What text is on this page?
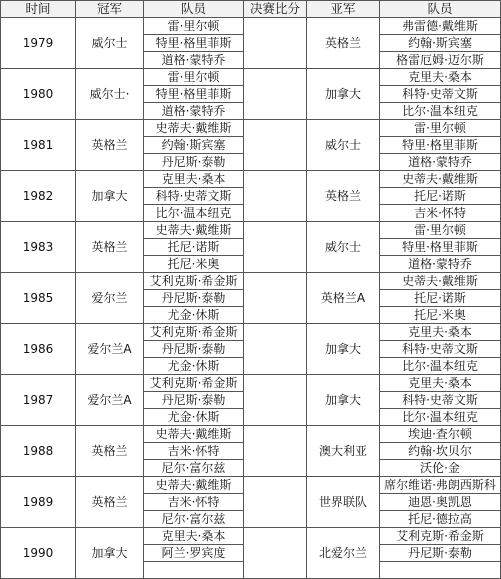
时间	冠军	队员	决赛比分	亚军	队员
1979	威尔士	雷·里尔顿		英格兰	弗雷德·戴维斯
		特里·格里菲斯			约翰·斯宾塞
		道格·蒙特乔			格雷厄姆·迈尔斯
1980	威尔士·	雷·里尔顿		加拿大	克里夫·桑本
		特里·格里菲斯			科特·史蒂文斯
		道格·蒙特乔			比尔·温本纽克
1981	英格兰	史蒂夫·戴维斯		威尔士	雷·里尔顿
		约翰·斯宾塞			特里·格里菲斯
		丹尼斯·泰勒			道格·蒙特乔
1982	加拿大	克里夫·桑本		英格兰	史蒂夫·戴维斯
		科特·史蒂文斯			托尼·诺斯
		比尔·温本纽克			吉米·怀特
1983	英格兰	史蒂夫·戴维斯		威尔士	雷·里尔顿
		托尼·诺斯			特里·格里菲斯
		托尼·米奥			道格·蒙特乔
1985	爱尔兰	艾利克斯·希金斯		英格兰A	史蒂夫·戴维斯
		丹尼斯·泰勒			托尼·诺斯
		尤金·休斯			托尼·米奥
1986	爱尔兰A	艾利克斯·希金斯		加拿大	克里夫·桑本
		丹尼斯·泰勒			科特·史蒂文斯
		尤金·休斯			比尔·温本纽克
1987	爱尔兰A	艾利克斯·希金斯		加拿大	克里夫·桑本
		丹尼斯·泰勒			科特·史蒂文斯
		尤金·休斯			比尔·温本纽克
1988	英格兰	史蒂夫·戴维斯		澳大利亚	埃迪·查尔顿
		吉米·怀特			约翰·坎贝尔
		尼尔·富尔兹			沃伦·金
1989	英格兰	史蒂夫·戴维斯		世界联队	席尔维诺·弗朗西斯科
		吉米·怀特			迪恩·奥凯恩
		尼尔·富尔兹			托尼·德拉高
1990	加拿大	克里夫·桑本		北爱尔兰	艾利克斯·希金斯
		阿兰·罗宾度			丹尼斯·泰勒
